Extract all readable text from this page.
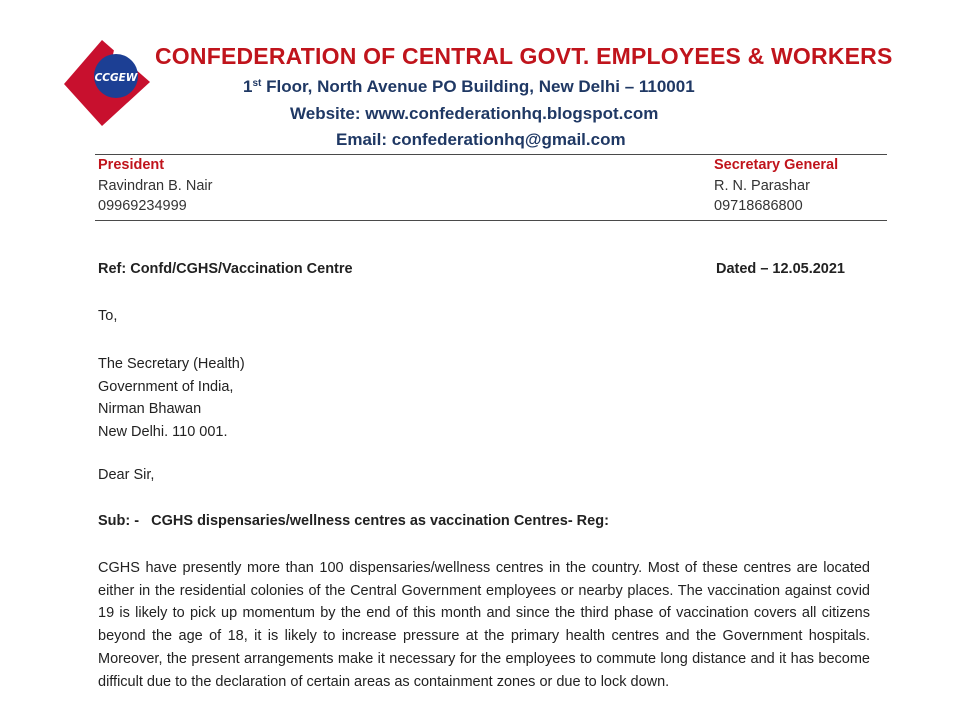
CCGEW
CONFEDERATION OF CENTRAL GOVT. EMPLOYEES & WORKERS
1st Floor, North Avenue PO Building, New Delhi – 110001
Website: www.confederationhq.blogspot.com
Email: confederationhq@gmail.com
President
Ravindran B. Nair
09969234999
Secretary General
R. N. Parashar
09718686800
Ref: Confd/CGHS/Vaccination Centre	Dated – 12.05.2021
To,
The Secretary (Health)
Government of India,
Nirman Bhawan
New Delhi. 110 001.
Dear Sir,
Sub: -   CGHS dispensaries/wellness centres as vaccination Centres- Reg:
CGHS have presently more than 100 dispensaries/wellness centres in the country. Most of these centres are located either in the residential colonies of the Central Government employees or nearby places. The vaccination against covid 19 is likely to pick up momentum by the end of this month and since the third phase of vaccination covers all citizens beyond the age of 18, it is likely to increase pressure at the primary health centres and the Government hospitals. Moreover, the present arrangements make it necessary for the employees to commute long distance and it has become difficult due to the declaration of certain areas as containment zones or due to lock down.
